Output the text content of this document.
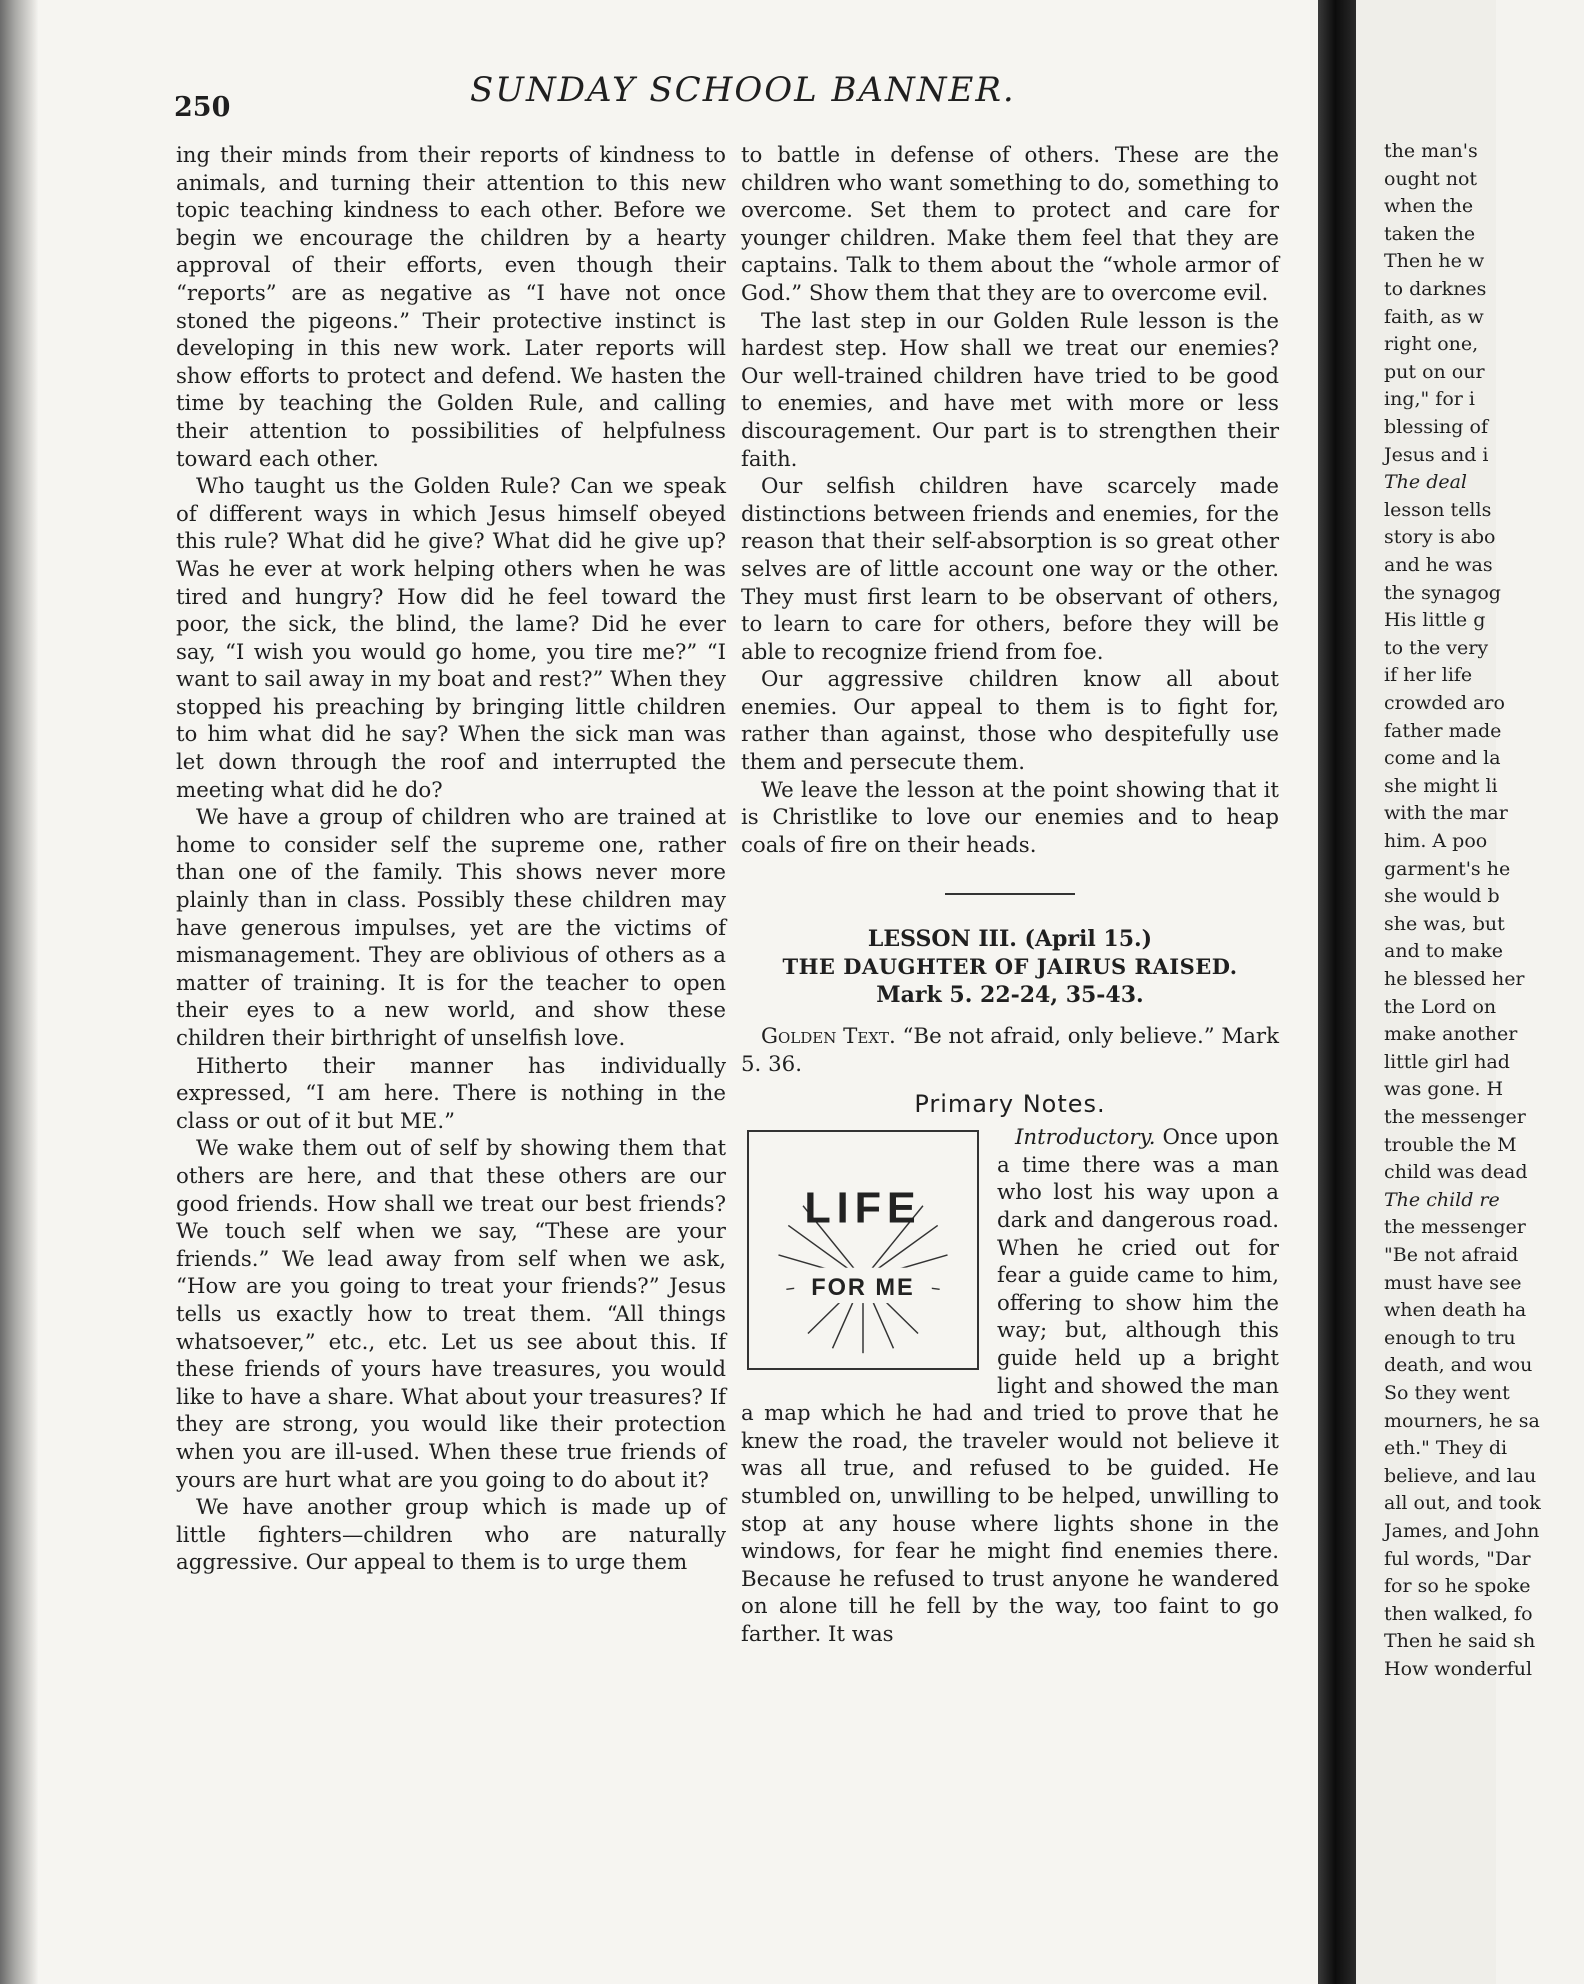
250	SUNDAY SCHOOL BANNER.

ing their minds from their reports of kindness to animals, and turning their attention to this new topic teaching kindness to each other. Before we begin we encourage the children by a hearty approval of their efforts, even though their “reports” are as negative as “I have not once stoned the pigeons.” Their protective instinct is developing in this new work. Later reports will show efforts to protect and defend. We hasten the time by teaching the Golden Rule, and calling their attention to possibilities of helpfulness toward each other.

Who taught us the Golden Rule? Can we speak of different ways in which Jesus himself obeyed this rule? What did he give? What did he give up? Was he ever at work helping others when he was tired and hungry? How did he feel toward the poor, the sick, the blind, the lame? Did he ever say, “I wish you would go home, you tire me?” “I want to sail away in my boat and rest?” When they stopped his preaching by bringing little children to him what did he say? When the sick man was let down through the roof and interrupted the meeting what did he do?

We have a group of children who are trained at home to consider self the supreme one, rather than one of the family. This shows never more plainly than in class. Possibly these children may have generous impulses, yet are the victims of mismanagement. They are oblivious of others as a matter of training. It is for the teacher to open their eyes to a new world, and show these children their birthright of unselfish love.

Hitherto their manner has individually expressed, “I am here. There is nothing in the class or out of it but ME.”

We wake them out of self by showing them that others are here, and that these others are our good friends. How shall we treat our best friends? We touch self when we say, “These are your friends.” We lead away from self when we ask, “How are you going to treat your friends?” Jesus tells us exactly how to treat them. “All things whatsoever,” etc., etc. Let us see about this. If these friends of yours have treasures, you would like to have a share. What about your treasures? If they are strong, you would like their protection when you are ill-used. When these true friends of yours are hurt what are you going to do about it?

We have another group which is made up of little fighters—children who are naturally aggressive. Our appeal to them is to urge them

to battle in defense of others. These are the children who want something to do, something to overcome. Set them to protect and care for younger children. Make them feel that they are captains. Talk to them about the “whole armor of God.” Show them that they are to overcome evil.

The last step in our Golden Rule lesson is the hardest step. How shall we treat our enemies? Our well-trained children have tried to be good to enemies, and have met with more or less discouragement. Our part is to strengthen their faith.

Our selfish children have scarcely made distinctions between friends and enemies, for the reason that their self-absorption is so great other selves are of little account one way or the other. They must first learn to be observant of others, to learn to care for others, before they will be able to recognize friend from foe.

Our aggressive children know all about enemies. Our appeal to them is to fight for, rather than against, those who despitefully use them and persecute them.

We leave the lesson at the point showing that it is Christlike to love our enemies and to heap coals of fire on their heads.

LESSON III. (April 15.)
THE DAUGHTER OF JAIRUS RAISED.
Mark 5. 22-24, 35-43.

Golden Text. “Be not afraid, only believe.” Mark 5. 36.

Primary Notes.
LIFE
FOR ME

Introductory. Once upon a time there was a man who lost his way upon a dark and dangerous road. When he cried out for fear a guide came to him, offering to show him the way; but, although this guide held up a bright light and showed the man a map which he had and tried to prove that he knew the road, the traveler would not believe it was all true, and refused to be guided. He stumbled on, unwilling to be helped, unwilling to stop at any house where lights shone in the windows, for fear he might find enemies there. Because he refused to trust anyone he wandered on alone till he fell by the way, too faint to go farther. It was

the man's

ought not

when the

taken the

Then he w

to darknes

faith, as w

right one,

put on our

ing," for i

blessing of

Jesus and i

The deal

lesson tells

story is abo

and he was

the synagog

His little g

to the very

if her life

crowded aro

father made

come and la

she might li

with the mar

him. A poo

garment's he

she would b

she was, but

and to make

he blessed her

the Lord on

make another

little girl had

was gone. H

the messenger

trouble the M

child was dead

The child re

the messenger

"Be not afraid

must have see

when death ha

enough to tru

death, and wou

So they went

mourners, he sa

eth." They di

believe, and lau

all out, and took

James, and John

ful words, "Dar

for so he spoke

then walked, fo

Then he said sh

How wonderful
